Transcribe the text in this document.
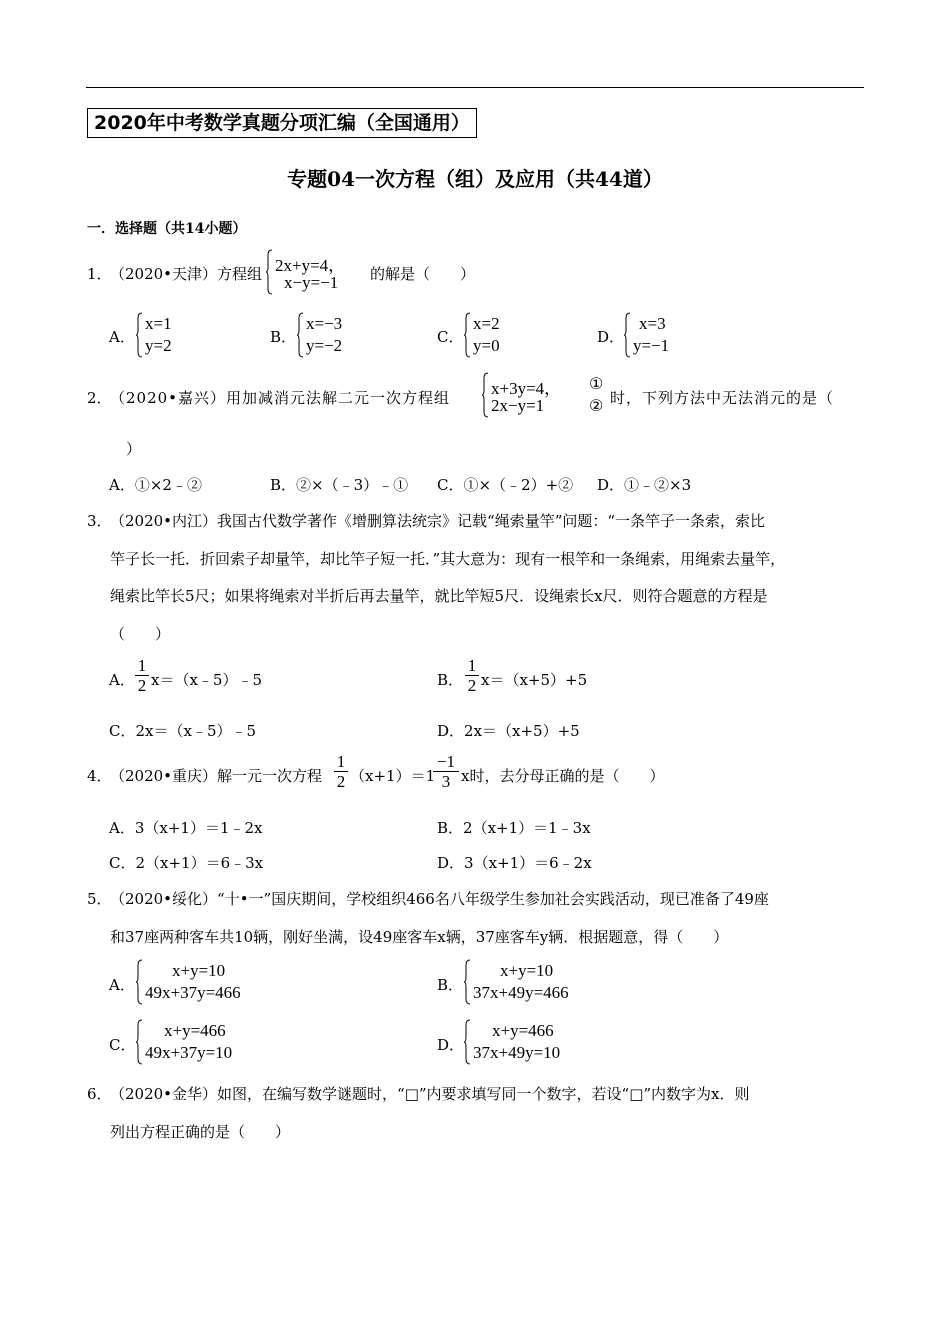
2020年中考数学真题分项汇编（全国通用）
专题04一次方程（组）及应用（共44道）
一．选择题（共14小题）
1．
（2020•天津）方程组 2x+y=4，
x−y=−1 的解是（　　）
A．
x=1
y=2	B．
x=−3
y=−2	C．
x=2
y=0	D．
x=3
y=−1
2．
（2020•嘉兴）用加减消元法解二元一次方程组 x+3y=4，
2x−y=1
①
② 时，下列方法中无法消元的是（
）
A．①×2﹣②	B．②×（﹣3）﹣① C．①×（﹣2）+② D．①﹣②×3
3．
（2020•内江）我国古代数学著作《增删算法统宗》记载“绳索量竿”问题：“一条竿子一条索，索比
竿子长一托．折回索子却量竿，却比竿子短一托．”其大意为：现有一根竿和一条绳索，用绳索去量竿，
绳索比竿长5尺；如果将绳索对半折后再去量竿，就比竿短5尺．设绳索长x尺．则符合题意的方程是
（　　）
A．
1
2 x＝（x﹣5）﹣5	B．
1
2 x＝（x+5）+5
C．2x＝（x﹣5）﹣5	D．2x＝（x+5）+5
4．
（2020•重庆）解一元一次方程
1
2 （x+1）＝1
−1
3 x时，去分母正确的是（　　）
A．3（x+1）＝1﹣2x	B．2（x+1）＝1﹣3x
C．2（x+1）＝6﹣3x	D．3（x+1）＝6﹣2x
5．
（2020•绥化）“十•一”国庆期间，学校组织466名八年级学生参加社会实践活动，现已准备了49座
和37座两种客车共10辆，刚好坐满，设49座客车x辆，37座客车y辆．根据题意，得（　　）
A．
x+y=10
49x+37y=466	B．
x+y=10
37x+49y=466
C．
x+y=466
49x+37y=10	D．
x+y=466
37x+49y=10
6．
（2020•金华）如图，在编写数学谜题时，“□”内要求填写同一个数字，若设“□”内数字为x．则
列出方程正确的是（　　）
